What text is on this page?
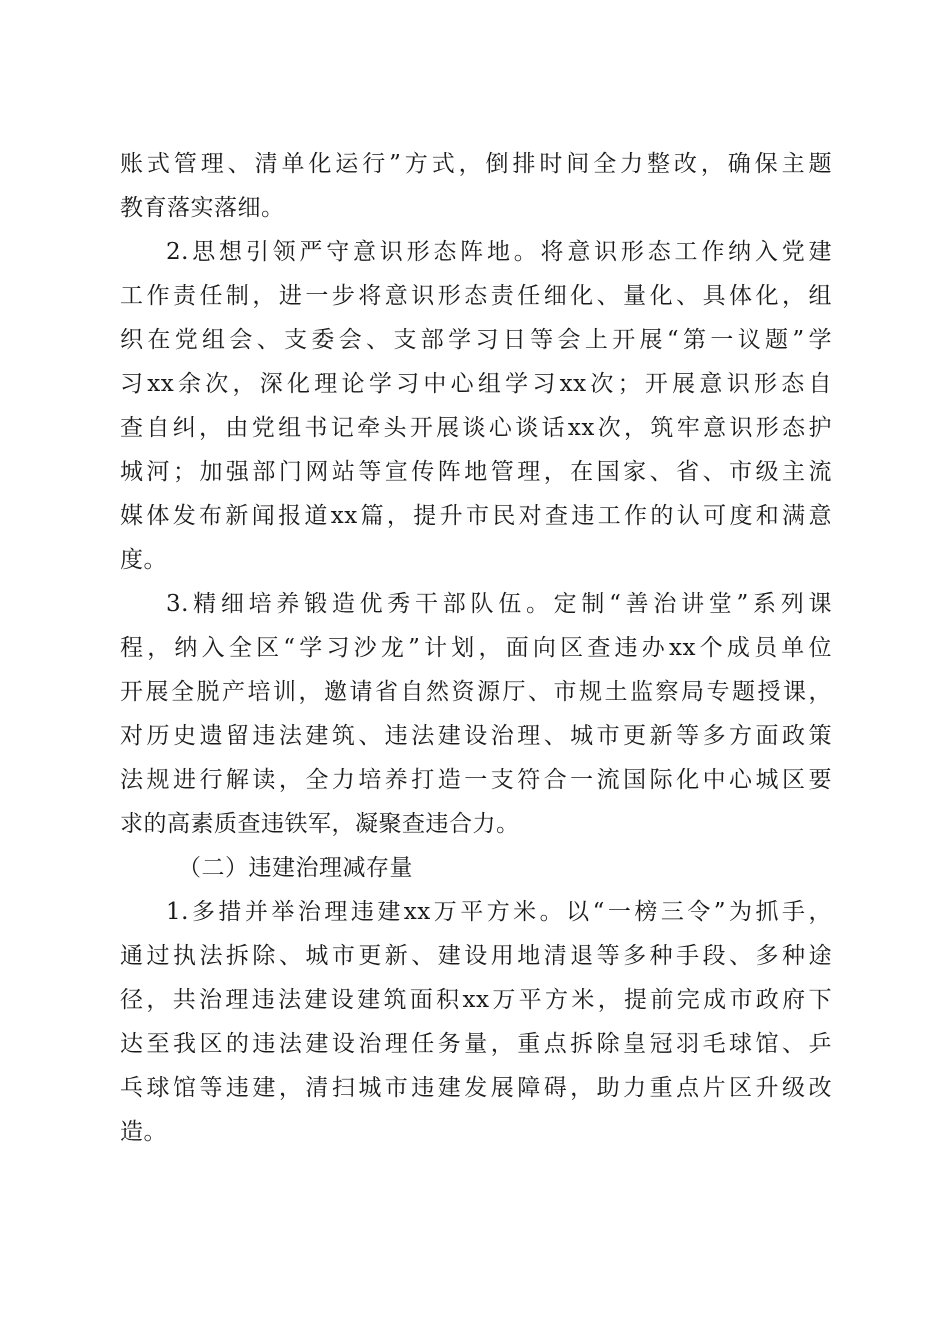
账式管理、清单化运行”方式，倒排时间全力整改，确保主题
教育落实落细。
2.思想引领严守意识形态阵地。将意识形态工作纳入党建
工作责任制，进一步将意识形态责任细化、量化、具体化，组
织在党组会、支委会、支部学习日等会上开展“第一议题”学
习xx余次，深化理论学习中心组学习xx次；开展意识形态自
查自纠，由党组书记牵头开展谈心谈话xx次，筑牢意识形态护
城河；加强部门网站等宣传阵地管理，在国家、省、市级主流
媒体发布新闻报道xx篇，提升市民对查违工作的认可度和满意
度。
3.精细培养锻造优秀干部队伍。定制“善治讲堂”系列课
程，纳入全区“学习沙龙”计划，面向区查违办xx个成员单位
开展全脱产培训，邀请省自然资源厅、市规土监察局专题授课，
对历史遗留违法建筑、违法建设治理、城市更新等多方面政策
法规进行解读，全力培养打造一支符合一流国际化中心城区要
求的高素质查违铁军，凝聚查违合力。
（二）违建治理减存量
1.多措并举治理违建xx万平方米。以“一榜三令”为抓手，
通过执法拆除、城市更新、建设用地清退等多种手段、多种途
径，共治理违法建设建筑面积xx万平方米，提前完成市政府下
达至我区的违法建设治理任务量，重点拆除皇冠羽毛球馆、乒
乓球馆等违建，清扫城市违建发展障碍，助力重点片区升级改
造。
